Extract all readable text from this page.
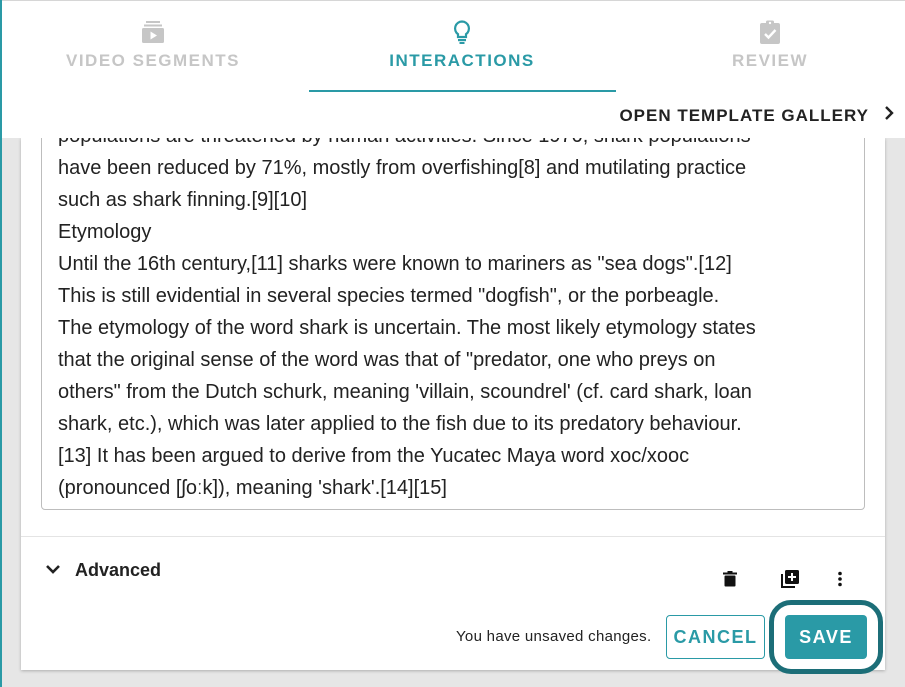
VIDEO SEGMENTS	INTERACTIONS	REVIEW
OPEN TEMPLATE GALLERY
have been reduced by 71%, mostly from overfishing[8] and mutilating practice
such as shark finning.[9][10]
Etymology
Until the 16th century,[11] sharks were known to mariners as "sea dogs".[12]
This is still evidential in several species termed "dogfish", or the porbeagle.
The etymology of the word shark is uncertain. The most likely etymology states
that the original sense of the word was that of "predator, one who preys on
others" from the Dutch schurk, meaning 'villain, scoundrel' (cf. card shark, loan
shark, etc.), which was later applied to the fish due to its predatory behaviour.
[13] It has been argued to derive from the Yucatec Maya word xoc/xooc
(pronounced [ʃoːk]), meaning 'shark'.[14][15]
Advanced
You have unsaved changes.	CANCEL	SAVE
